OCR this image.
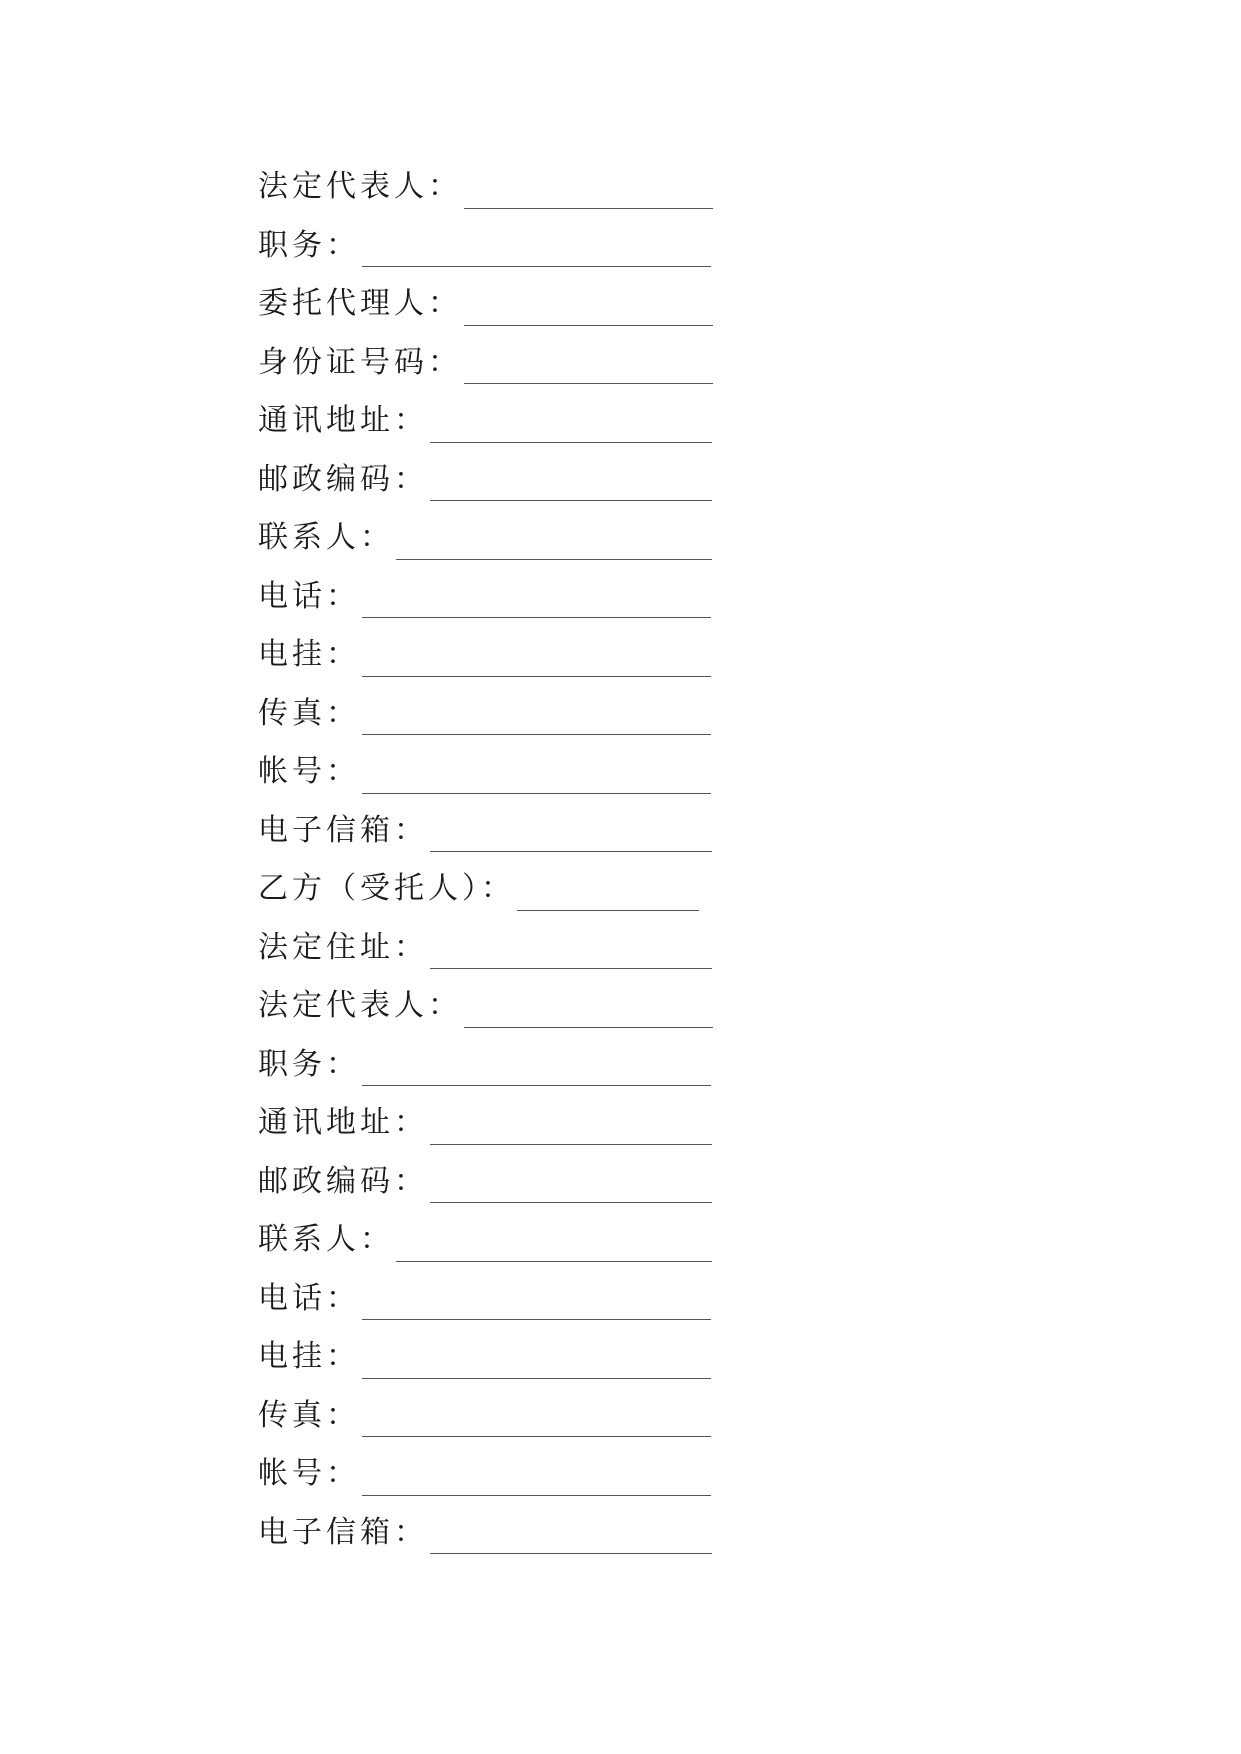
法定代表人：
职务：
委托代理人：
身份证号码：
通讯地址：
邮政编码：
联系人：
电话：
电挂：
传真：
帐号：
电子信箱：
乙方（受托人）：
法定住址：
法定代表人：
职务：
通讯地址：
邮政编码：
联系人：
电话：
电挂：
传真：
帐号：
电子信箱：
